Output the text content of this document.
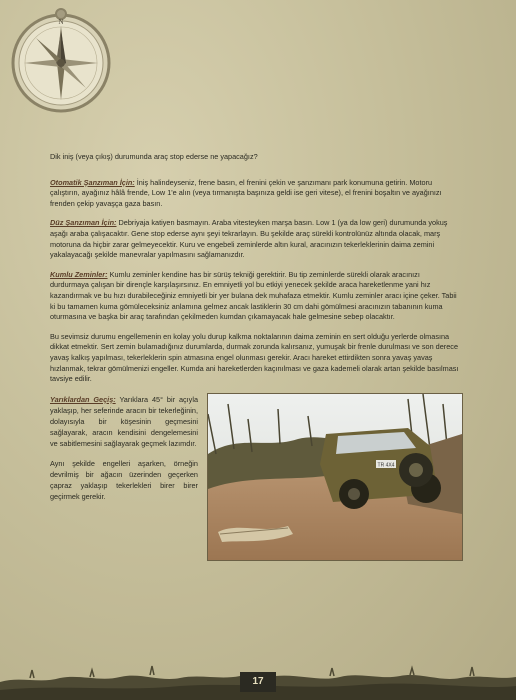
N

Dik iniş (veya çıkış) durumunda araç stop ederse ne yapacağız?

Otomatik Şanzıman İçin: İniş halindeyseniz, frene basın, el frenini çekin ve şanzımanı park konumuna getirin. Motoru çalıştırın, ayağınız hâlâ frende, Low 1'e alın (veya tırmanışta başınıza geldi ise geri vitese), el frenini boşaltın ve ayağınızı frenden çekip yavaşça gaza basın.

Düz Şanzıman İçin: Debriyaja katiyen basmayın. Araba vitesteyken marşa basın. Low 1 (ya da low geri) durumunda yokuş aşağı araba çalışacaktır. Gene stop ederse aynı şeyi tekrarlayın. Bu şekilde araç sürekli kontrolünüz altında olacak, marş motoruna da hiçbir zarar gelmeyecektir. Kuru ve engebeli zeminlerde altın kural, aracınızın tekerleklerinin daima zemini yakalayacağı şekilde manevralar yapılmasını sağlamanızdır.

Kumlu Zeminler: Kumlu zeminler kendine has bir sürüş tekniği gerektirir. Bu tip zeminlerde sürekli olarak aracınızı durdurmaya çalışan bir dirençle karşılaşırsınız. En emniyetli yol bu etkiyi yenecek şekilde araca hareketlenme yani hız kazandırmak ve bu hızı durabileceğiniz emniyetli bir yer bulana dek muhafaza etmektir. Kumlu zeminler aracı içine çeker. Tabii ki bu tamamen kuma gömüleceksiniz anlamına gelmez ancak lastiklerin 30 cm dahi gömülmesi aracınızın tabanının kuma oturmasına ve başka bir araç tarafından çekilmeden kumdan çıkamayacak hale gelmesine sebep olacaktır.

Bu sevimsiz durumu engellemenin en kolay yolu durup kalkma noktalarının daima zeminin en sert olduğu yerlerde olmasına dikkat etmektir. Sert zemin bulamadığınız durumlarda, durmak zorunda kalırsanız, yumuşak bir frenle durulması ve son derece yavaş kalkış yapılması, tekerleklerin spin atmasına engel olunması gerekir. Aracı hareket ettirdikten sonra yavaş yavaş hızlanmak, tekrar gömülmenizi engeller. Kumda ani hareketlerden kaçınılması ve gaza kademeli olarak artan şekilde basılması tavsiye edilir.

Yarıklardan Geçiş: Yarıklara 45° bir açıyla yaklaşıp, her seferinde aracın bir tekerleğinin, dolayısıyla bir köşesinin geçmesini sağlayarak, aracın kendisini dengelemesini ve sabitlemesini sağlayarak geçmek lazımdır.

Aynı şekilde engelleri aşarken, örneğin devrilmiş bir ağacın üzerinden geçerken çapraz yaklaşıp tekerlekleri birer birer geçirmek gerekir.

TR 4X4
17
